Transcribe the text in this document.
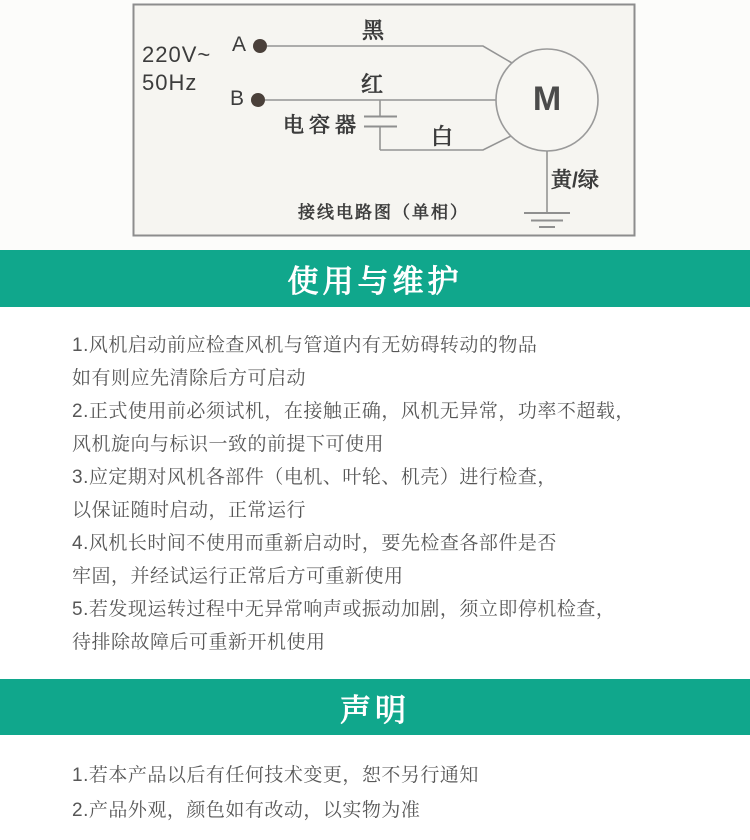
220V~
50Hz
A
B
黑
红
白
电容器
黄/绿
M
接线电路图（单相）
使用与维护
1.风机启动前应检查风机与管道内有无妨碍转动的物品
如有则应先清除后方可启动
2.正式使用前必须试机，在接触正确，风机无异常，功率不超载，
风机旋向与标识一致的前提下可使用
3.应定期对风机各部件（电机、叶轮、机壳）进行检查，
以保证随时启动，正常运行
4.风机长时间不使用而重新启动时，要先检查各部件是否
牢固，并经试运行正常后方可重新使用
5.若发现运转过程中无异常响声或振动加剧，须立即停机检查，
待排除故障后可重新开机使用
声明
1.若本产品以后有任何技术变更，恕不另行通知
2.产品外观，颜色如有改动，以实物为准
